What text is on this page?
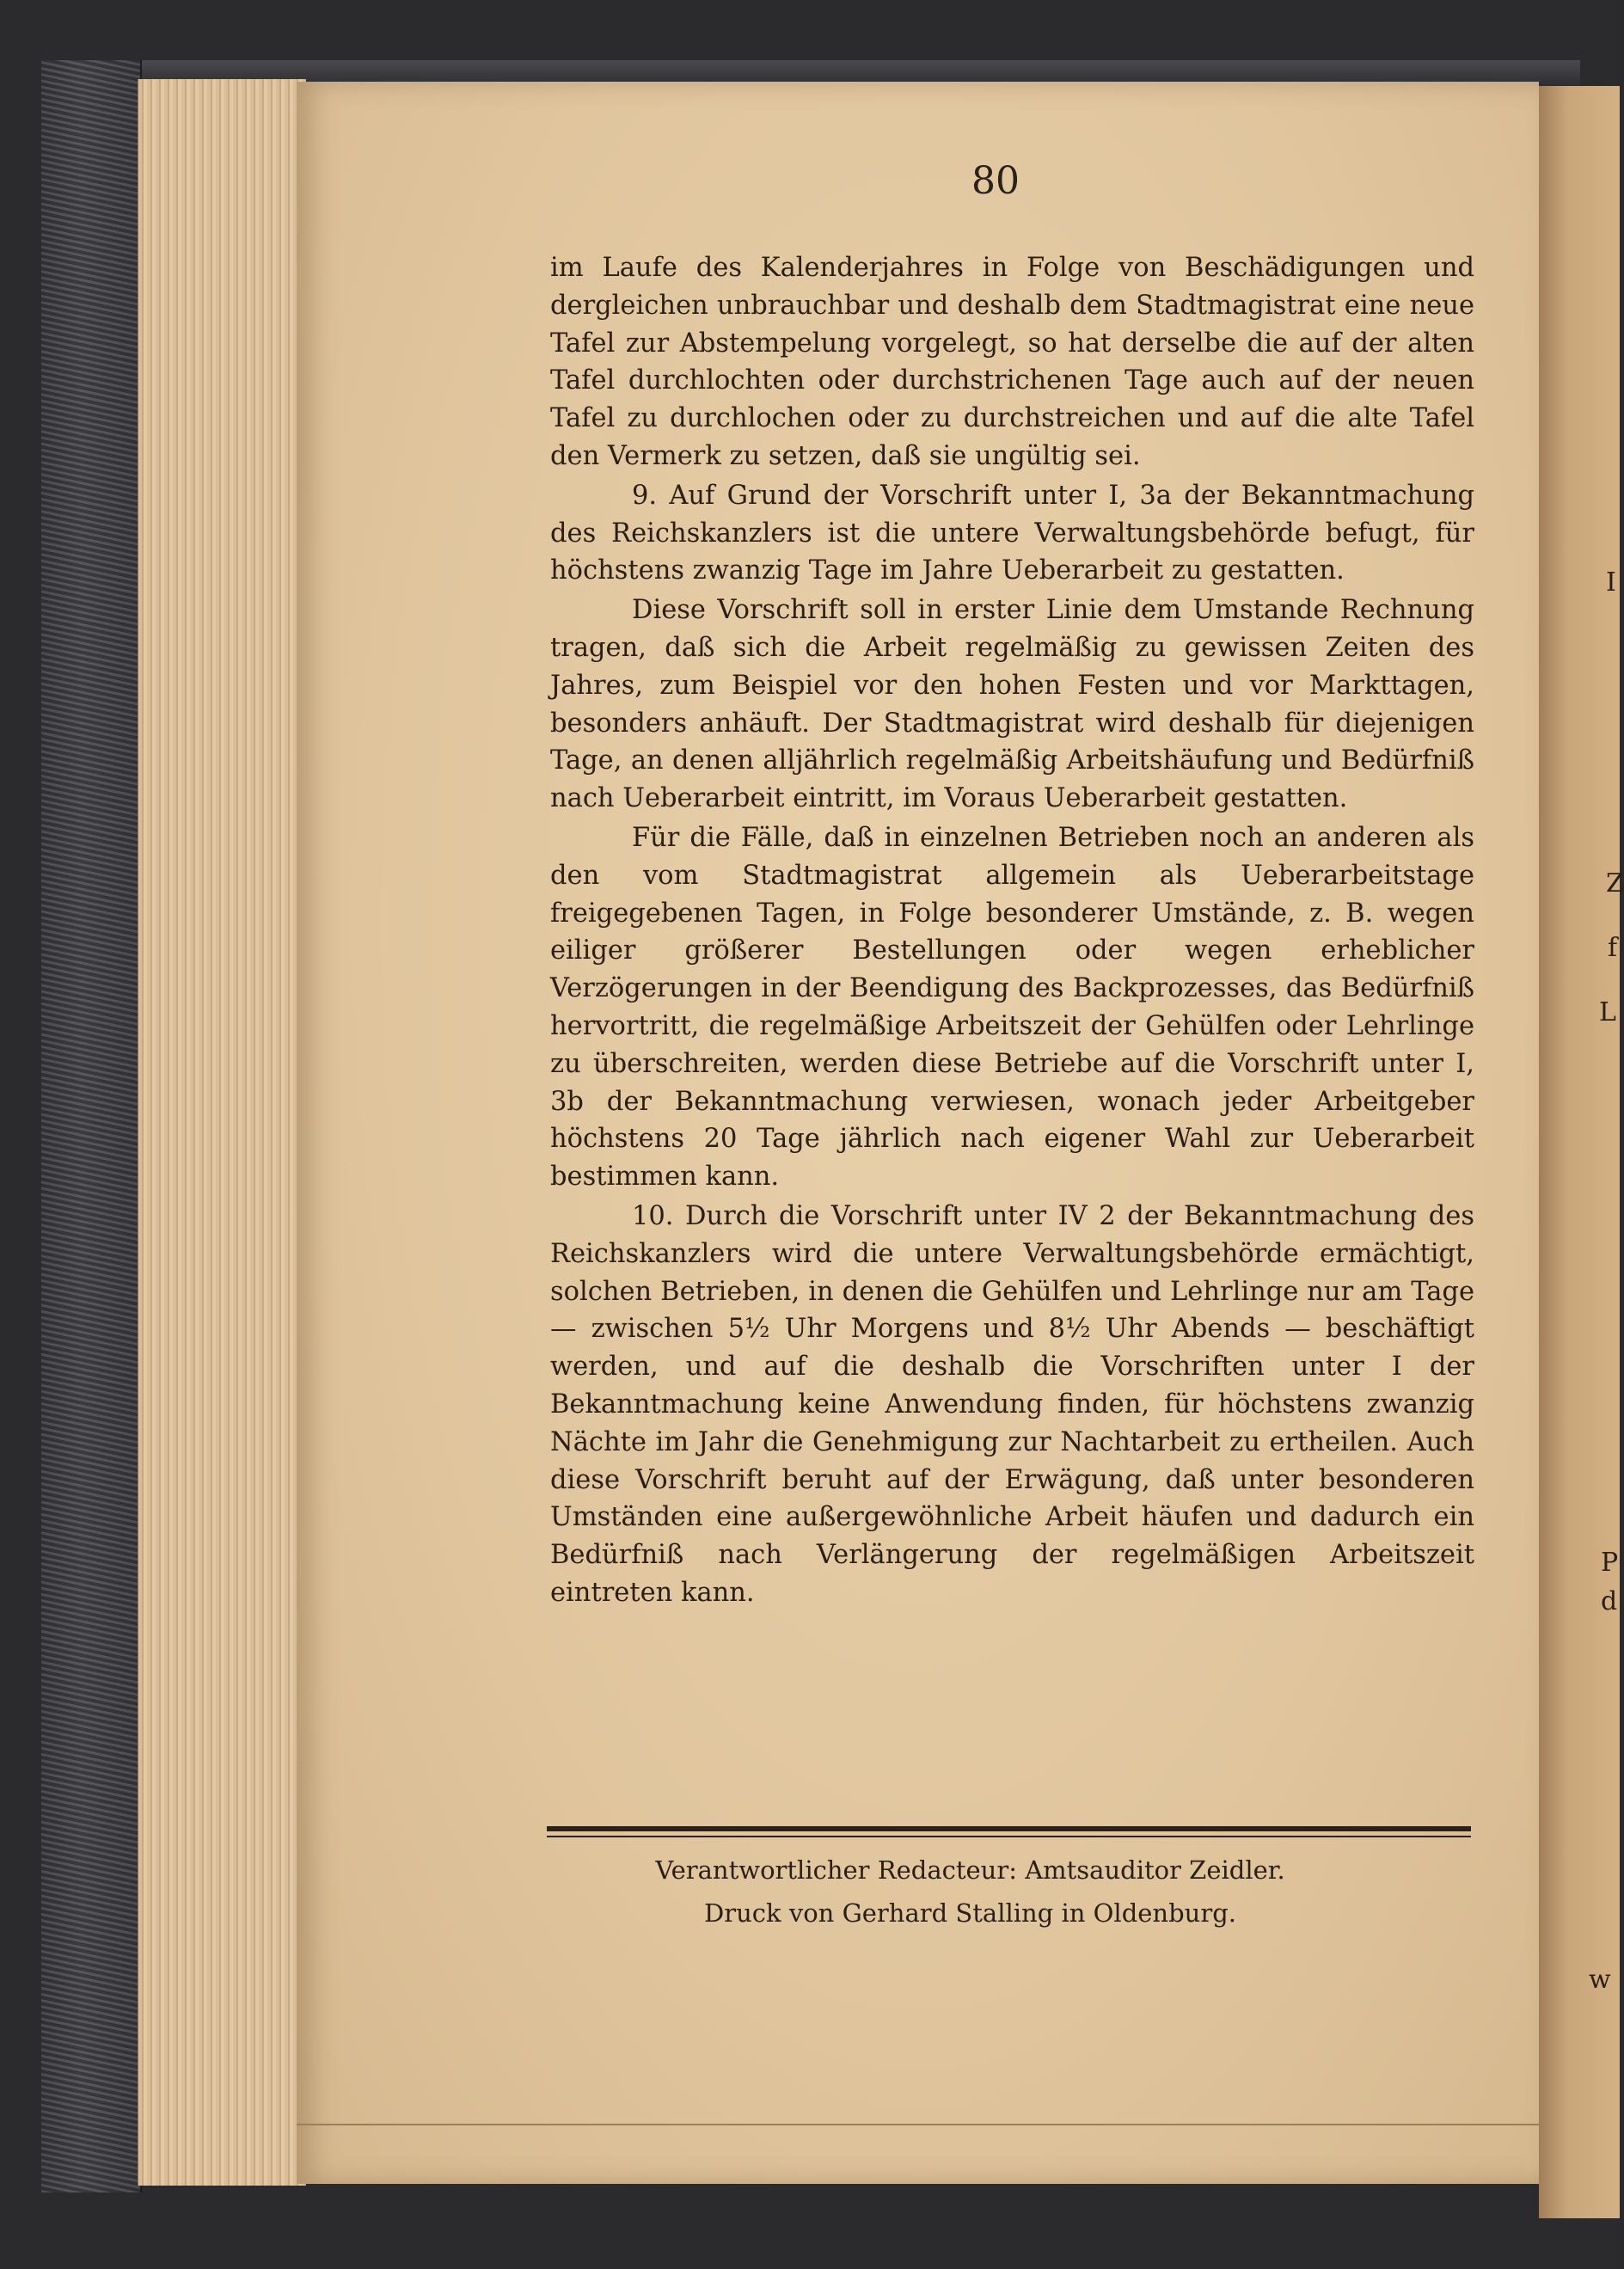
I
Z
f
L
P
d
w
80

im Laufe des Kalenderjahres in Folge von Beschädigungen und dergleichen unbrauchbar und deshalb dem Stadtmagistrat eine neue Tafel zur Abstempelung vorgelegt, so hat derselbe die auf der alten Tafel durchlochten oder durchstrichenen Tage auch auf der neuen Tafel zu durchlochen oder zu durchstreichen und auf die alte Tafel den Vermerk zu setzen, daß sie ungültig sei.

9. Auf Grund der Vorschrift unter I, 3a der Bekanntmachung des Reichskanzlers ist die untere Verwaltungsbehörde befugt, für höchstens zwanzig Tage im Jahre Ueberarbeit zu gestatten.

Diese Vorschrift soll in erster Linie dem Umstande Rechnung tragen, daß sich die Arbeit regelmäßig zu gewissen Zeiten des Jahres, zum Beispiel vor den hohen Festen und vor Markttagen, besonders anhäuft. Der Stadtmagistrat wird deshalb für diejenigen Tage, an denen alljährlich regelmäßig Arbeitshäufung und Bedürfniß nach Ueberarbeit eintritt, im Voraus Ueberarbeit gestatten.

Für die Fälle, daß in einzelnen Betrieben noch an anderen als den vom Stadtmagistrat allgemein als Ueberarbeitstage freigegebenen Tagen, in Folge besonderer Umstände, z. B. wegen eiliger größerer Bestellungen oder wegen erheblicher Verzögerungen in der Beendigung des Backprozesses, das Bedürfniß hervortritt, die regelmäßige Arbeitszeit der Gehülfen oder Lehrlinge zu überschreiten, werden diese Betriebe auf die Vorschrift unter I, 3b der Bekanntmachung verwiesen, wonach jeder Arbeitgeber höchstens 20 Tage jährlich nach eigener Wahl zur Ueberarbeit bestimmen kann.

10. Durch die Vorschrift unter IV 2 der Bekanntmachung des Reichskanzlers wird die untere Verwaltungsbehörde ermächtigt, solchen Betrieben, in denen die Gehülfen und Lehrlinge nur am Tage — zwischen 5½ Uhr Morgens und 8½ Uhr Abends — beschäftigt werden, und auf die deshalb die Vorschriften unter I der Bekanntmachung keine Anwendung finden, für höchstens zwanzig Nächte im Jahr die Genehmigung zur Nachtarbeit zu ertheilen. Auch diese Vorschrift beruht auf der Erwägung, daß unter besonderen Umständen eine außergewöhnliche Arbeit häufen und dadurch ein Bedürfniß nach Verlängerung der regelmäßigen Arbeitszeit eintreten kann.

Verantwortlicher Redacteur: Amtsauditor Zeidler.
Druck von Gerhard Stalling in Oldenburg.
